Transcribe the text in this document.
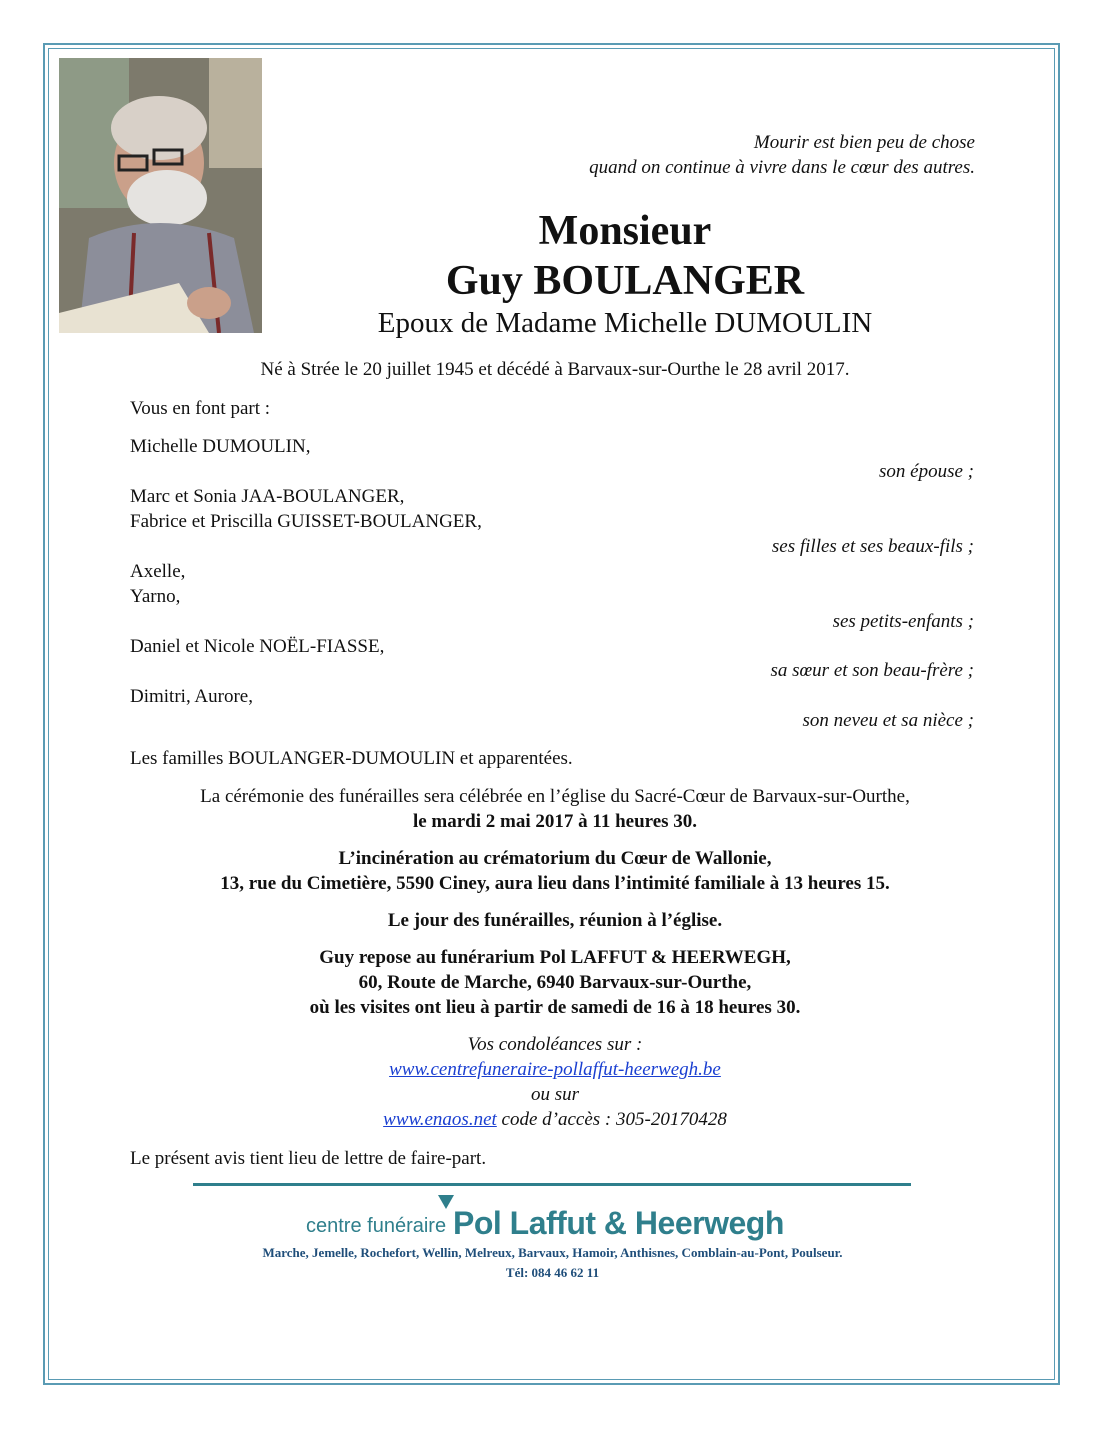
Mourir est bien peu de chose
quand on continue à vivre dans le cœur des autres.
Monsieur
Guy BOULANGER
Epoux de Madame Michelle DUMOULIN
Né à Strée le 20 juillet 1945 et décédé à Barvaux-sur-Ourthe le 28 avril 2017.
Vous en font part :
Michelle DUMOULIN,
son épouse ;
Marc et Sonia JAA-BOULANGER,
Fabrice et Priscilla GUISSET-BOULANGER,
ses filles et ses beaux-fils ;
Axelle,
Yarno,
ses petits-enfants ;
Daniel et Nicole NOËL-FIASSE,
sa sœur et son beau-frère ;
Dimitri, Aurore,
son neveu et sa nièce ;
Les familles BOULANGER-DUMOULIN et apparentées.
La cérémonie des funérailles sera célébrée en l’église du Sacré-Cœur de Barvaux-sur-Ourthe,
le mardi 2 mai 2017 à 11 heures 30.
L’incinération au crématorium du Cœur de Wallonie,
13, rue du Cimetière, 5590 Ciney, aura lieu dans l’intimité familiale à 13 heures 15.
Le jour des funérailles, réunion à l’église.
Guy repose au funérarium Pol LAFFUT & HEERWEGH,
60, Route de Marche, 6940 Barvaux-sur-Ourthe,
où les visites ont lieu à partir de samedi de 16 à 18 heures 30.
Vos condoléances sur :
www.centrefuneraire-pollaffut-heerwegh.be
ou sur
www.enaos.net code d’accès : 305-20170428
Le présent avis tient lieu de lettre de faire-part.
centre funéraire Pol Laffut & Heerwegh
Marche, Jemelle, Rochefort, Wellin, Melreux, Barvaux, Hamoir, Anthisnes, Comblain-au-Pont, Poulseur.
Tél: 084 46 62 11
